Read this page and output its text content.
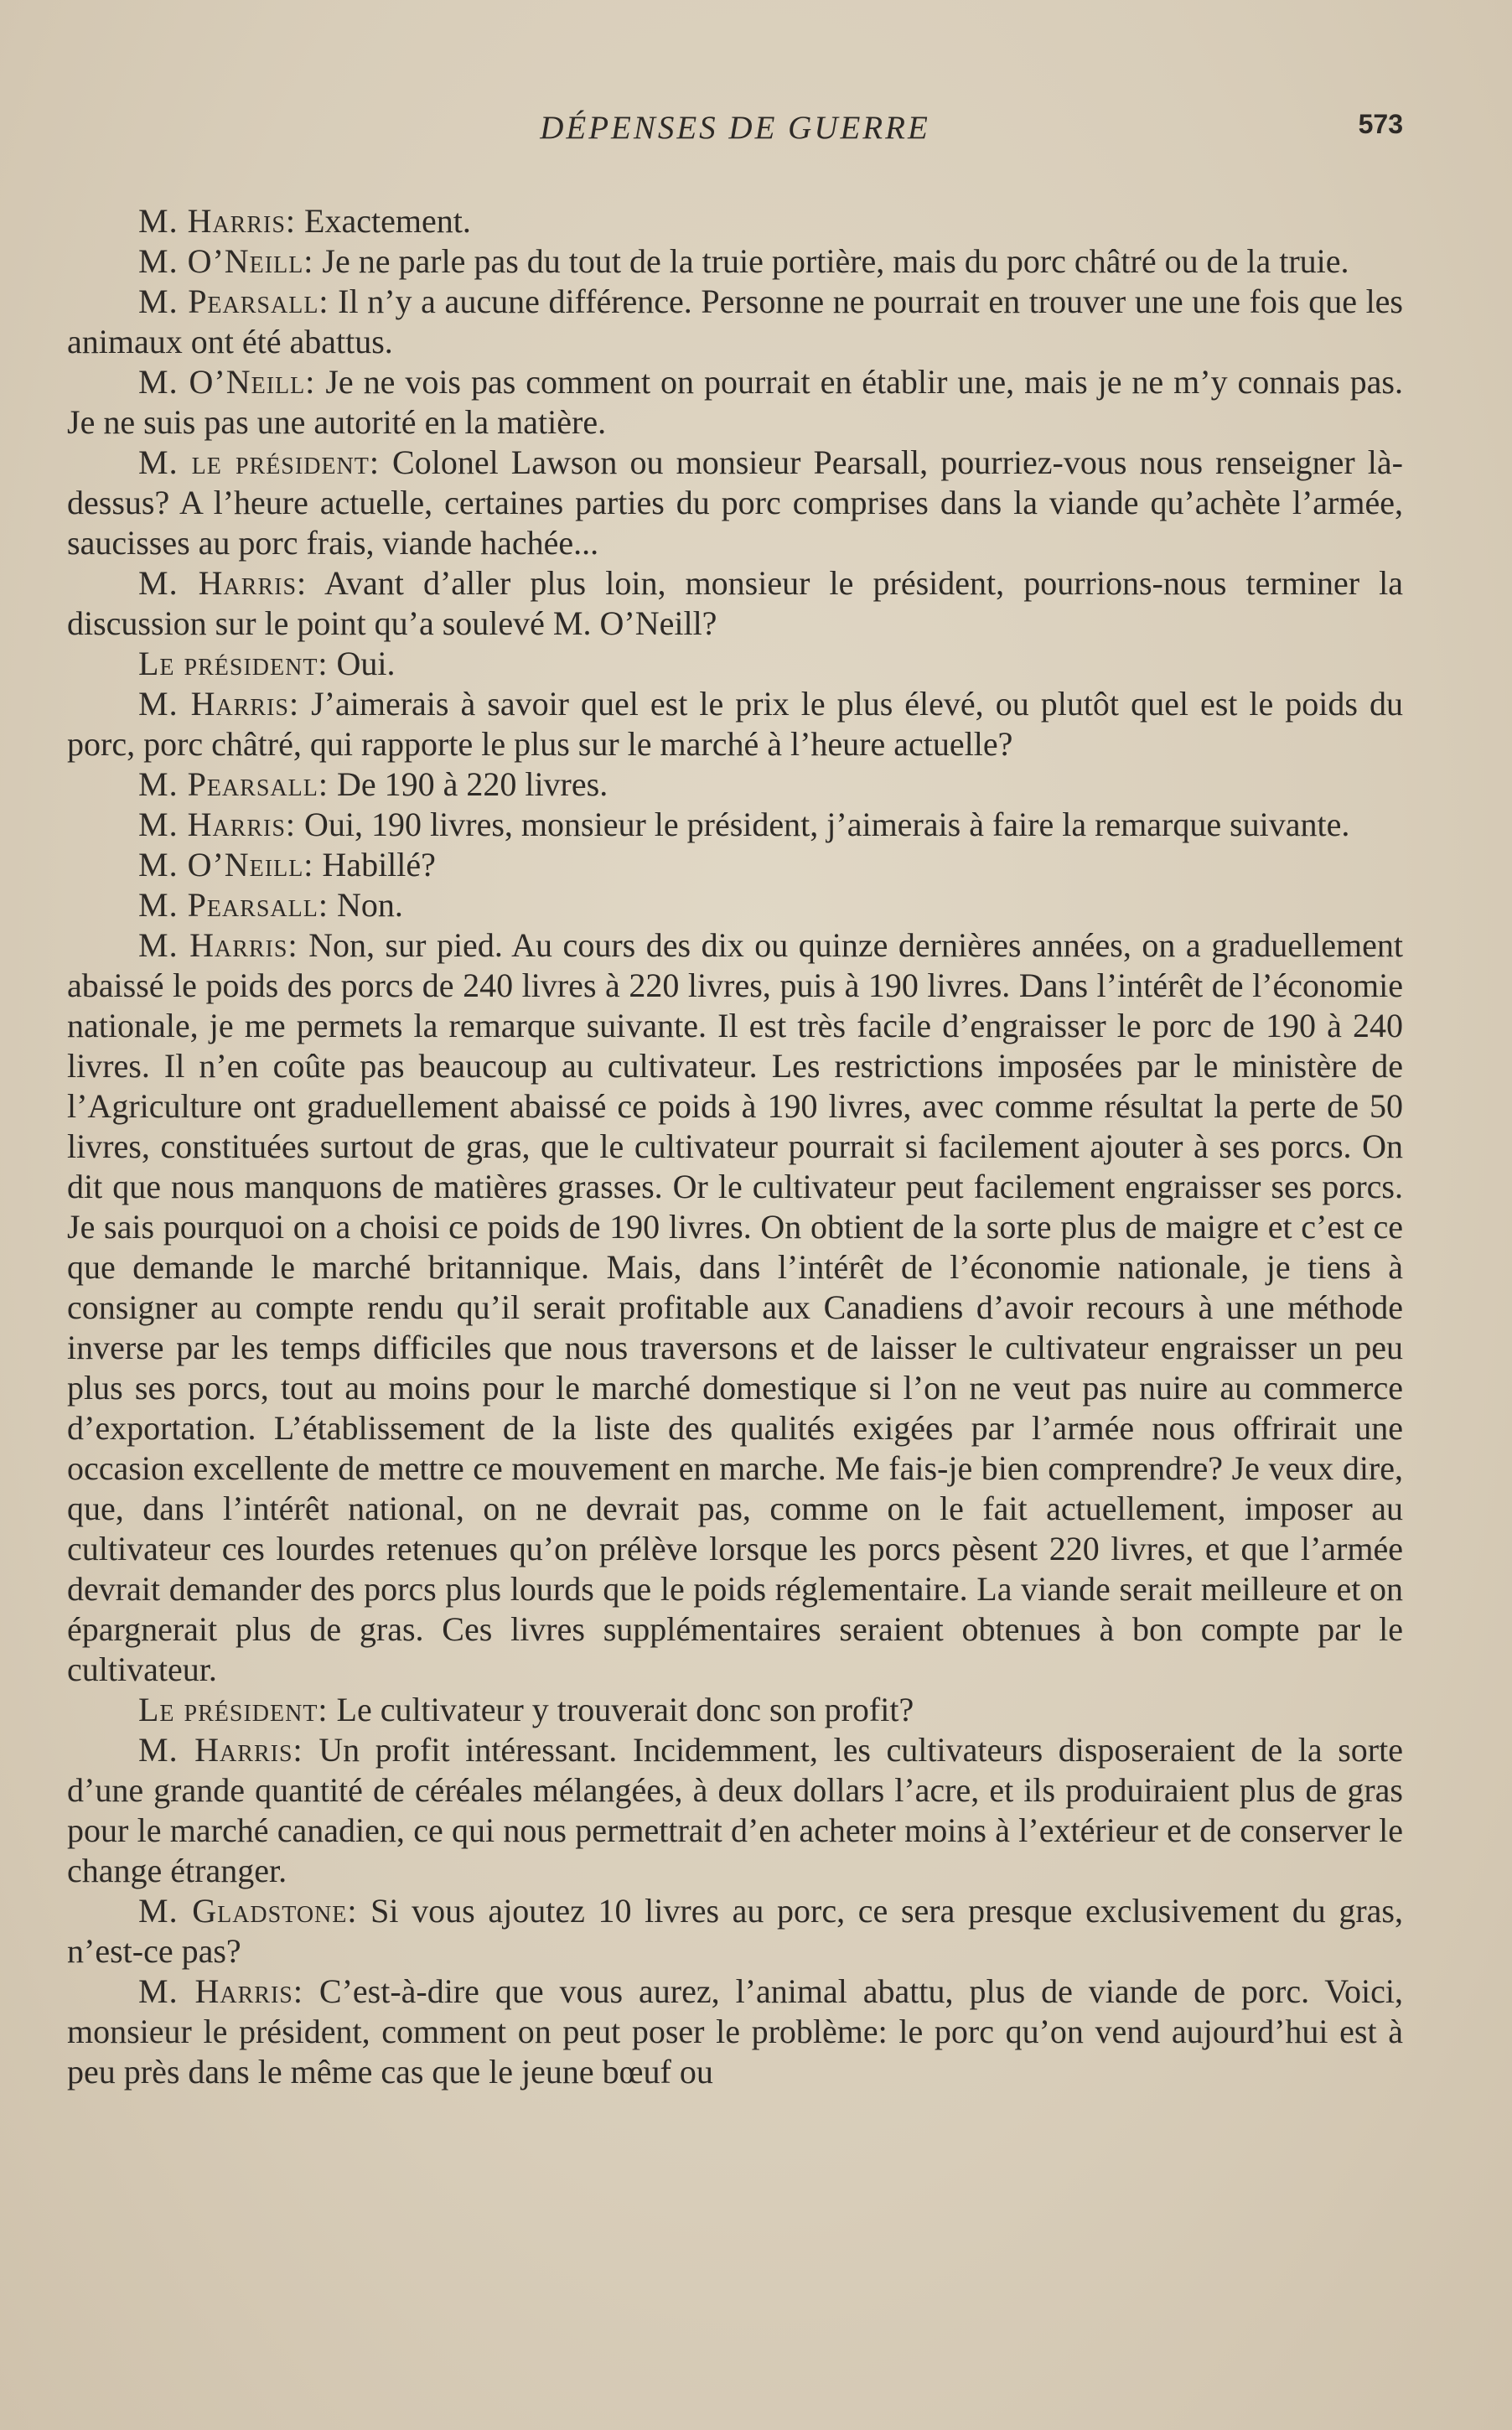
DÉPENSES DE GUERRE	573

M. Harris: Exactement.

M. O’Neill: Je ne parle pas du tout de la truie portière, mais du porc châtré ou de la truie.

M. Pearsall: Il n’y a aucune différence. Personne ne pourrait en trouver une une fois que les animaux ont été abattus.

M. O’Neill: Je ne vois pas comment on pourrait en établir une, mais je ne m’y connais pas. Je ne suis pas une autorité en la matière.

M. le président: Colonel Lawson ou monsieur Pearsall, pourriez-vous nous renseigner là-dessus? A l’heure actuelle, certaines parties du porc comprises dans la viande qu’achète l’armée, saucisses au porc frais, viande hachée...

M. Harris: Avant d’aller plus loin, monsieur le président, pourrions-nous terminer la discussion sur le point qu’a soulevé M. O’Neill?

Le président: Oui.

M. Harris: J’aimerais à savoir quel est le prix le plus élevé, ou plutôt quel est le poids du porc, porc châtré, qui rapporte le plus sur le marché à l’heure actuelle?

M. Pearsall: De 190 à 220 livres.

M. Harris: Oui, 190 livres, monsieur le président, j’aimerais à faire la remarque suivante.

M. O’Neill: Habillé?

M. Pearsall: Non.

M. Harris: Non, sur pied. Au cours des dix ou quinze dernières années, on a graduellement abaissé le poids des porcs de 240 livres à 220 livres, puis à 190 livres. Dans l’intérêt de l’économie nationale, je me permets la remarque suivante. Il est très facile d’engraisser le porc de 190 à 240 livres. Il n’en coûte pas beaucoup au cultivateur. Les restrictions imposées par le ministère de l’Agriculture ont graduellement abaissé ce poids à 190 livres, avec comme résultat la perte de 50 livres, constituées surtout de gras, que le cultivateur pourrait si facilement ajouter à ses porcs. On dit que nous manquons de matières grasses. Or le cultivateur peut facilement engraisser ses porcs. Je sais pourquoi on a choisi ce poids de 190 livres. On obtient de la sorte plus de maigre et c’est ce que demande le marché britannique. Mais, dans l’intérêt de l’économie nationale, je tiens à consigner au compte rendu qu’il serait profitable aux Canadiens d’avoir recours à une méthode inverse par les temps difficiles que nous traversons et de laisser le cultivateur engraisser un peu plus ses porcs, tout au moins pour le marché domestique si l’on ne veut pas nuire au commerce d’exportation. L’établissement de la liste des qualités exigées par l’armée nous offrirait une occasion excellente de mettre ce mouvement en marche. Me fais-je bien comprendre? Je veux dire, que, dans l’intérêt national, on ne devrait pas, comme on le fait actuellement, imposer au cultivateur ces lourdes retenues qu’on prélève lorsque les porcs pèsent 220 livres, et que l’armée devrait demander des porcs plus lourds que le poids réglementaire. La viande serait meilleure et on épargnerait plus de gras. Ces livres supplémentaires seraient obtenues à bon compte par le cultivateur.

Le président: Le cultivateur y trouverait donc son profit?

M. Harris: Un profit intéressant. Incidemment, les cultivateurs disposeraient de la sorte d’une grande quantité de céréales mélangées, à deux dollars l’acre, et ils produiraient plus de gras pour le marché canadien, ce qui nous permettrait d’en acheter moins à l’extérieur et de conserver le change étranger.

M. Gladstone: Si vous ajoutez 10 livres au porc, ce sera presque exclusivement du gras, n’est-ce pas?

M. Harris: C’est-à-dire que vous aurez, l’animal abattu, plus de viande de porc. Voici, monsieur le président, comment on peut poser le problème: le porc qu’on vend aujourd’hui est à peu près dans le même cas que le jeune bœuf ou
